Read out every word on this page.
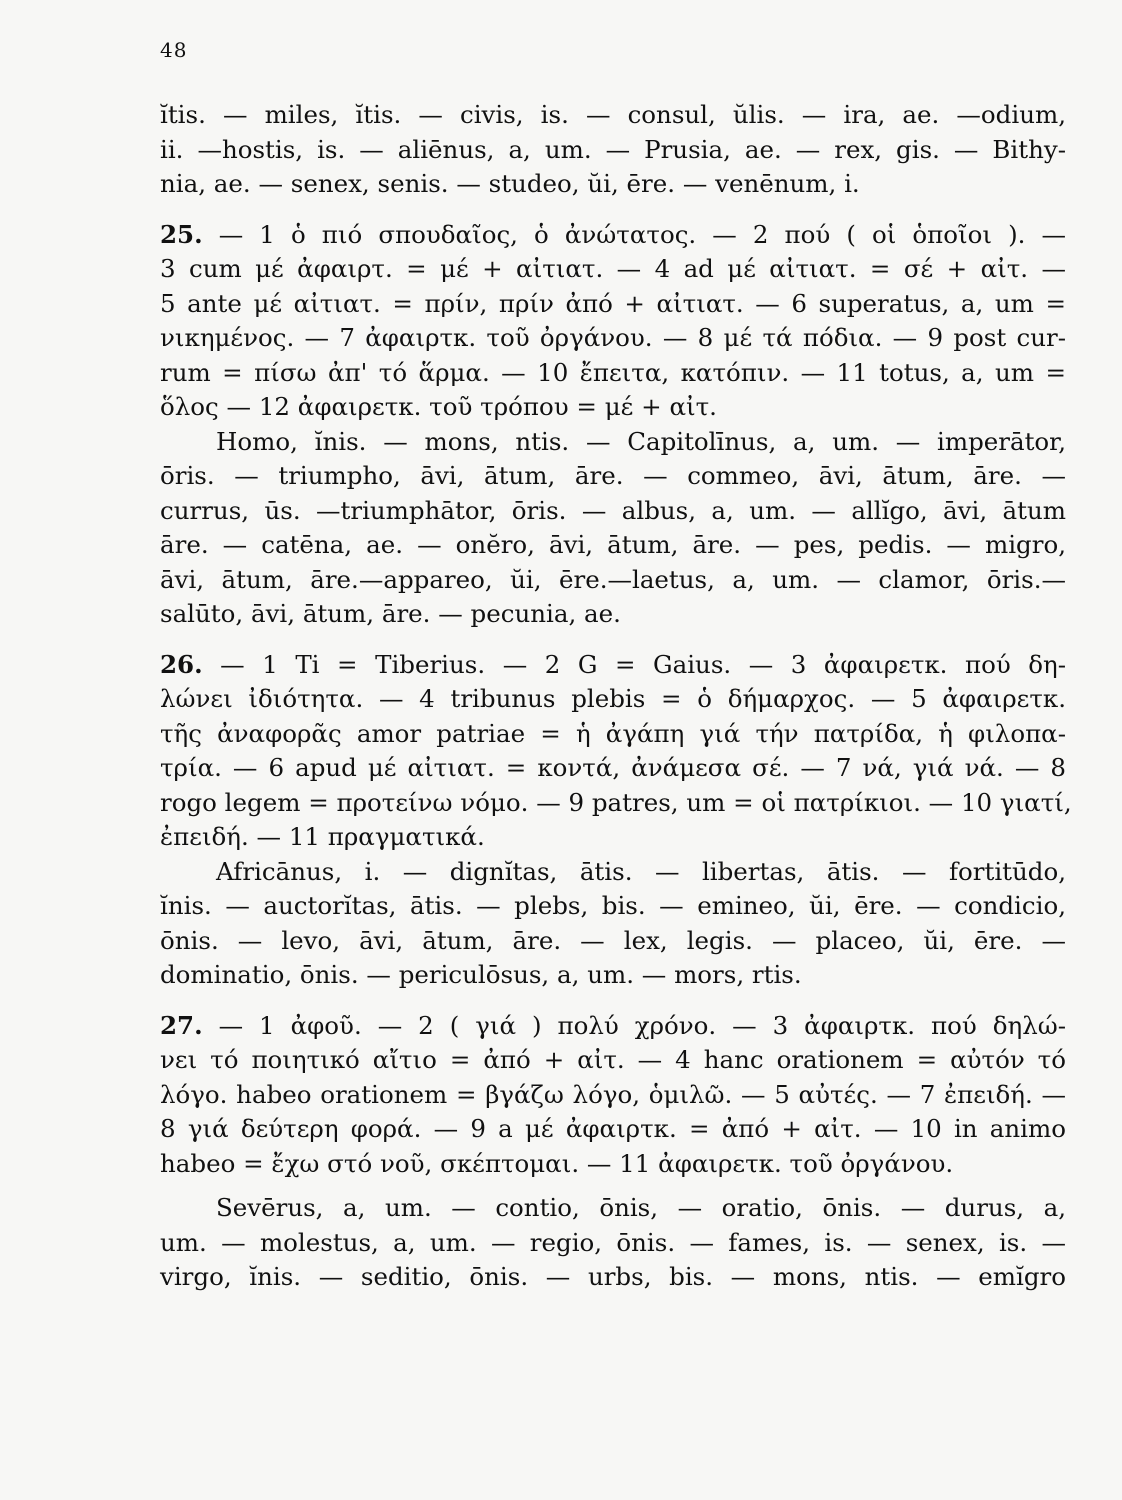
48
ĭtis. — miles, ĭtis. — civis, is. — consul, ŭlis. — ira, ae. —odium,
ii. —hostis, is. — aliēnus, a, um. — Prusia, ae. — rex, gis. — Bithy-
nia, ae. — senex, senis. — studeo, ŭi, ēre. — venēnum, i.
25. — 1 ὁ πιό σπουδαῖος, ὁ ἀνώτατος. — 2 πού ( οἱ ὁποῖοι ). —
3 cum μέ ἀφαιρτ. = μέ + αἰτιατ. — 4 ad μέ αἰτιατ. = σέ + αἰτ. —
5 ante μέ αἰτιατ. = πρίν, πρίν ἀπό + αἰτιατ. — 6 superatus, a, um =
νικημένος. — 7 ἀφαιρτκ. τοῦ ὀργάνου. — 8 μέ τά πόδια. — 9 post cur-
rum = πίσω ἀπ' τό ἅρμα. — 10 ἔπειτα, κατόπιν. — 11 totus, a, um =
ὅλος — 12 ἀφαιρετκ. τοῦ τρόπου = μέ + αἰτ.
Homo, ĭnis. — mons, ntis. — Capitolīnus, a, um. — imperātor,
ōris. — triumpho, āvi, ātum, āre. — commeo, āvi, ātum, āre. —
currus, ūs. —triumphātor, ōris. — albus, a, um. — allĭgo, āvi, ātum
āre. — catēna, ae. — onĕro, āvi, ātum, āre. — pes, pedis. — migro,
āvi, ātum, āre.—appareo, ŭi, ēre.—laetus, a, um. — clamor, ōris.—
salūto, āvi, ātum, āre. — pecunia, ae.
26. — 1 Ti = Tiberius. — 2 G = Gaius. — 3 ἀφαιρετκ. πού δη-
λώνει ἰδιότητα. — 4 tribunus plebis = ὁ δήμαρχος. — 5 ἀφαιρετκ.
τῆς ἀναφορᾶς amor patriae = ἡ ἀγάπη γιά τήν πατρίδα, ἡ φιλοπα-
τρία. — 6 apud μέ αἰτιατ. = κοντά, ἀνάμεσα σέ. — 7 νά, γιά νά. — 8
rogo legem = προτείνω νόμο. — 9 patres, um = οἱ πατρίκιοι. — 10 γιατί,
ἐπειδή. — 11 πραγματικά.
Africānus, i. — dignĭtas, ātis. — libertas, ātis. — fortitūdo,
ĭnis. — auctorĭtas, ātis. — plebs, bis. — emineo, ŭi, ēre. — condicio,
ōnis. — levo, āvi, ātum, āre. — lex, legis. — placeo, ŭi, ēre. —
dominatio, ōnis. — periculōsus, a, um. — mors, rtis.
27. — 1 ἀφοῦ. — 2 ( γιά ) πολύ χρόνο. — 3 ἀφαιρτκ. πού δηλώ-
νει τό ποιητικό αἴτιο = ἀπό + αἰτ. — 4 hanc orationem = αὐτόν τό
λόγο. habeo orationem = βγάζω λόγο, ὁμιλῶ. — 5 αὐτές. — 7 ἐπειδή. —
8 γιά δεύτερη φορά. — 9 a μέ ἀφαιρτκ. = ἀπό + αἰτ. — 10 in animo
habeo = ἔχω στό νοῦ, σκέπτομαι. — 11 ἀφαιρετκ. τοῦ ὀργάνου.
Sevērus, a, um. — contio, ōnis, — oratio, ōnis. — durus, a,
um. — molestus, a, um. — regio, ōnis. — fames, is. — senex, is. —
virgo, ĭnis. — seditio, ōnis. — urbs, bis. — mons, ntis. — emĭgro
